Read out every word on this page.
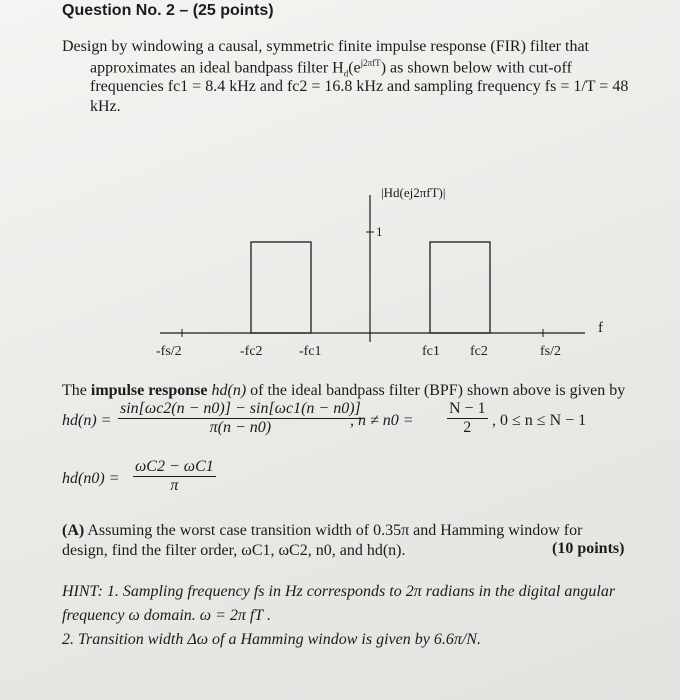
Question No. 2 – (25 points)
Design by windowing a causal, symmetric finite impulse response (FIR) filter that
approximates an ideal bandpass filter $H_d(e^{j2\pi fT})$ as shown below with cut-off
frequencies fc1 = 8.4 kHz and fc2 = 16.8 kHz and sampling frequency fs = 1/T = 48
kHz.
|Hd(ej2πfT)|
1
f
-fs/2	-fc2	-fc1	fc1 fc2	fs/2
The impulse response hd(n) of the ideal bandpass filter (BPF) shown above is given by
$hd(n) = \frac{\sin[\omega c2(n - n0)] - \sin[\omega c1(n - n0)]}{\pi(n - n0)}$
, $n \ne n0 = \frac{N - 1}{2}$ , 0 ≤ n ≤ N − 1
$hd(n0) = \frac{\omega C2 - \omega C1}{\pi}$
(A) Assuming the worst case transition width of 0.35π and Hamming window for
design, find the filter order, ωC1, ωC2, n0, and hd(n).	(10 points)
HINT: 1. Sampling frequency fs in Hz corresponds to 2π radians in the digital angular
frequency ω domain. ω = 2π fT .
2. Transition width Δω of a Hamming window is given by 6.6π/N.
